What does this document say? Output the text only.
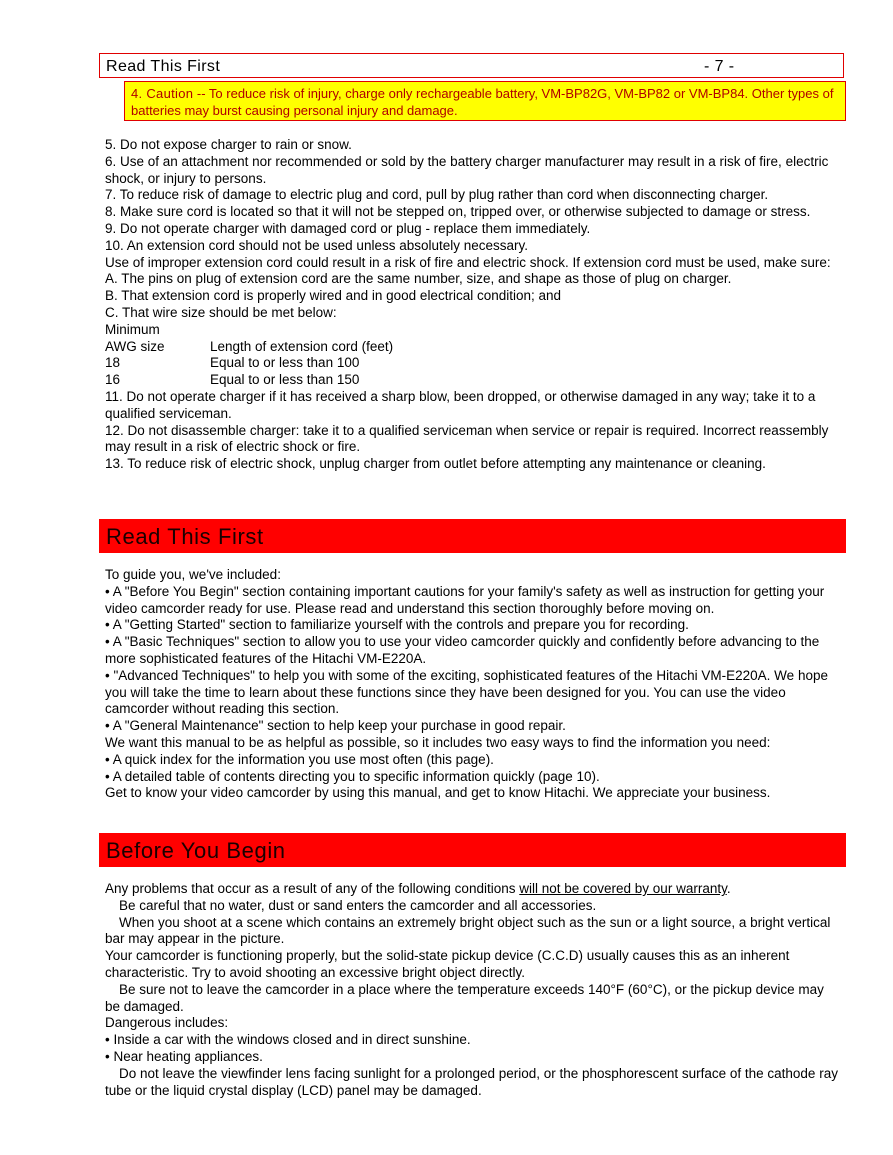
Read This First	- 7 -
4. Caution -- To reduce risk of injury, charge only rechargeable battery, VM-BP82G, VM-BP82 or VM-BP84. Other types of batteries may burst causing personal injury and damage.

5. Do not expose charger to rain or snow.

6. Use of an attachment nor recommended or sold by the battery charger manufacturer may result in a risk of fire, electric shock, or injury to persons.

7. To reduce risk of damage to electric plug and cord, pull by plug rather than cord when disconnecting charger.

8. Make sure cord is located so that it will not be stepped on, tripped over, or otherwise subjected to damage or stress.

9. Do not operate charger with damaged cord or plug - replace them immediately.

10. An extension cord should not be used unless absolutely necessary.

Use of improper extension cord could result in a risk of fire and electric shock. If extension cord must be used, make sure:

A. The pins on plug of extension cord are the same number, size, and shape as those of plug on charger.

B. That extension cord is properly wired and in good electrical condition; and

C. That wire size should be met below:

Minimum

AWG size	Length of extension cord (feet)
18	Equal to or less than 100
16	Equal to or less than 150

11. Do not operate charger if it has received a sharp blow, been dropped, or otherwise damaged in any way; take it to a qualified serviceman.

12. Do not disassemble charger: take it to a qualified serviceman when service or repair is required. Incorrect reassembly may result in a risk of electric shock or fire.

13. To reduce risk of electric shock, unplug charger from outlet before attempting any maintenance or cleaning.

Read This First

To guide you, we've included:

• A "Before You Begin" section containing important cautions for your family's safety as well as instruction for getting your video camcorder ready for use. Please read and understand this section thoroughly before moving on.

• A "Getting Started" section to familiarize yourself with the controls and prepare you for recording.

• A "Basic Techniques" section to allow you to use your video camcorder quickly and confidently before advancing to the more sophisticated features of the Hitachi VM-E220A.

• "Advanced Techniques" to help you with some of the exciting, sophisticated features of the Hitachi VM-E220A. We hope you will take the time to learn about these functions since they have been designed for you. You can use the video camcorder without reading this section.

• A "General Maintenance" section to help keep your purchase in good repair.

We want this manual to be as helpful as possible, so it includes two easy ways to find the information you need:

• A quick index for the information you use most often (this page).

• A detailed table of contents directing you to specific information quickly (page 10).

Get to know your video camcorder by using this manual, and get to know Hitachi. We appreciate your business.

Before You Begin

Any problems that occur as a result of any of the following conditions will not be covered by our warranty.

Be careful that no water, dust or sand enters the camcorder and all accessories.

When you shoot at a scene which contains an extremely bright object such as the sun or a light source, a bright vertical bar may appear in the picture.

Your camcorder is functioning properly, but the solid-state pickup device (C.C.D) usually causes this as an inherent characteristic. Try to avoid shooting an excessive bright object directly.

Be sure not to leave the camcorder in a place where the temperature exceeds 140°F (60°C), or the pickup device may be damaged.

Dangerous includes:

• Inside a car with the windows closed and in direct sunshine.

• Near heating appliances.

Do not leave the viewfinder lens facing sunlight for a prolonged period, or the phosphorescent surface of the cathode ray tube or the liquid crystal display (LCD) panel may be damaged.
